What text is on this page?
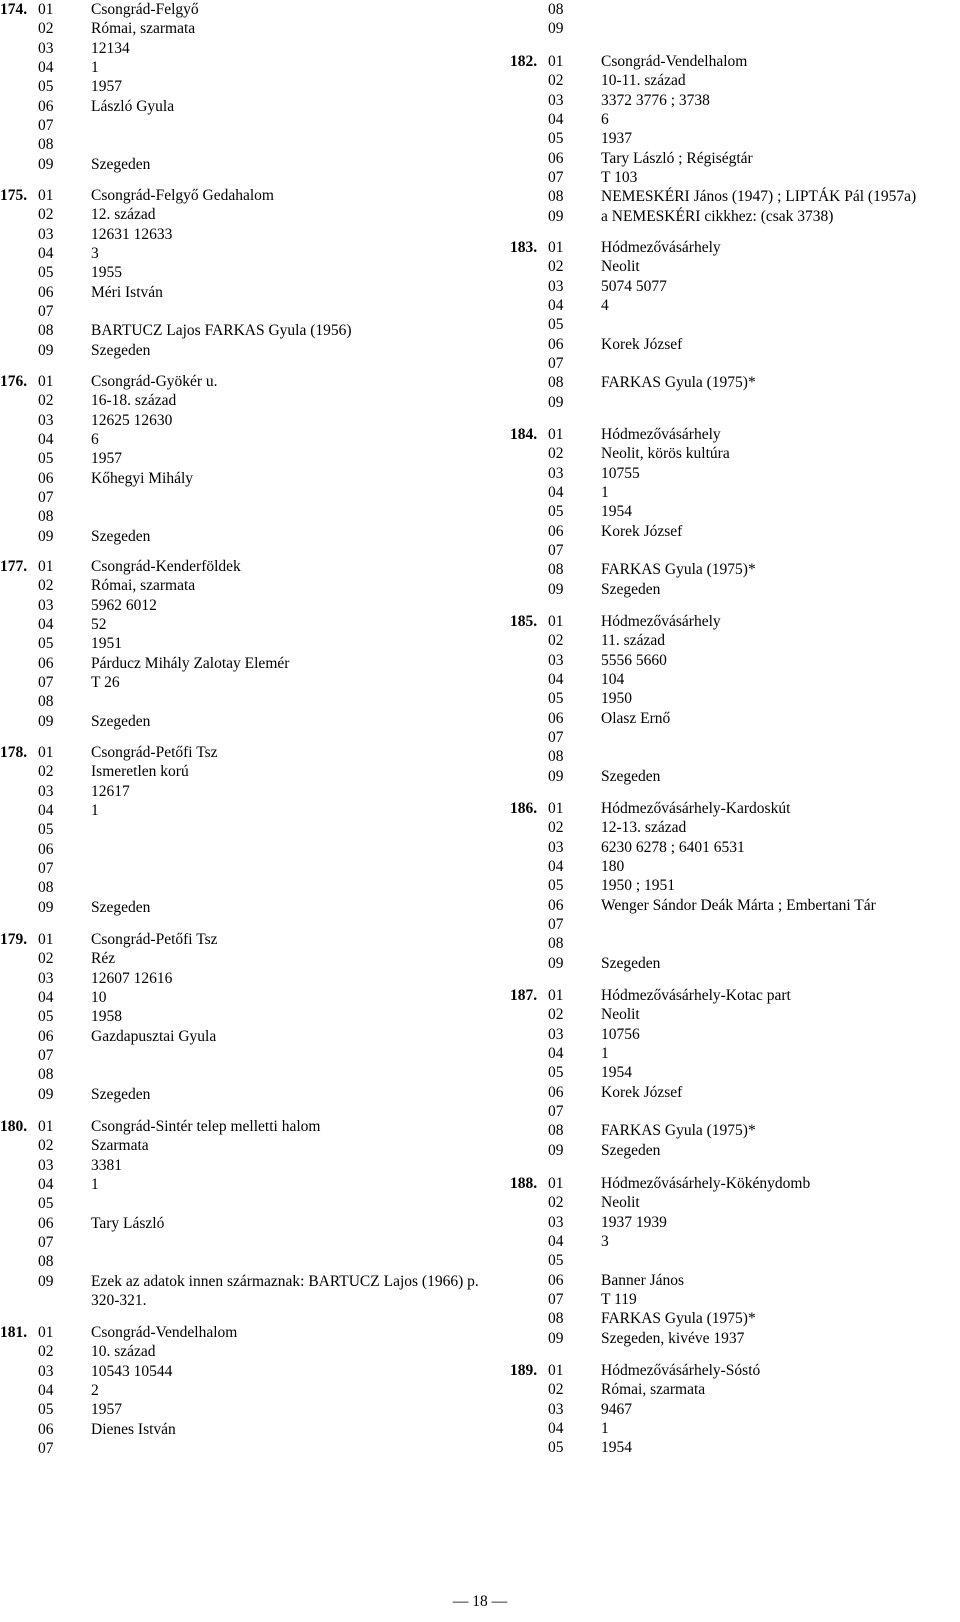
174. 01	Csongrád-Felgyő
02	Római, szarmata
03	12134
04	1
05	1957
06	László Gyula
07
08
09	Szegeden
175. 01	Csongrád-Felgyő Gedahalom
02	12. század
03	12631 12633
04	3
05	1955
06	Méri István
07
08	BARTUCZ Lajos FARKAS Gyula (1956)
09	Szegeden
176. 01	Csongrád-Gyökér u.
02	16-18. század
03	12625 12630
04	6
05	1957
06	Kőhegyi Mihály
07
08
09	Szegeden
177. 01	Csongrád-Kenderföldek
02	Római, szarmata
03	5962 6012
04	52
05	1951
06	Párducz Mihály Zalotay Elemér
07	T 26
08
09	Szegeden
178. 01	Csongrád-Petőfi Tsz
02	Ismeretlen korú
03	12617
04	1
05
06
07
08
09	Szegeden
179. 01	Csongrád-Petőfi Tsz
02	Réz
03	12607 12616
04	10
05	1958
06	Gazdapusztai Gyula
07
08
09	Szegeden
180. 01	Csongrád-Sintér telep melletti halom
02	Szarmata
03	3381
04	1
05
06	Tary László
07
08
09	Ezek az adatok innen származnak: BARTUCZ Lajos (1966) p. 320-321.
181. 01	Csongrád-Vendelhalom
02	10. század
03	10543 10544
04	2
05	1957
06	Dienes István
07
08
09
182. 01	Csongrád-Vendelhalom
02	10-11. század
03	3372 3776 ; 3738
04	6
05	1937
06	Tary László ; Régiségtár
07	T 103
08	NEMESKÉRI János (1947) ; LIPTÁK Pál (1957a)
09	a NEMESKÉRI cikkhez: (csak 3738)
183. 01	Hódmezővásárhely
02	Neolit
03	5074 5077
04	4
05
06	Korek József
07
08	FARKAS Gyula (1975)*
09
184. 01	Hódmezővásárhely
02	Neolit, körös kultúra
03	10755
04	1
05	1954
06	Korek József
07
08	FARKAS Gyula (1975)*
09	Szegeden
185. 01	Hódmezővásárhely
02	11. század
03	5556 5660
04	104
05	1950
06	Olasz Ernő
07
08
09	Szegeden
186. 01	Hódmezővásárhely-Kardoskút
02	12-13. század
03	6230 6278 ; 6401 6531
04	180
05	1950 ; 1951
06	Wenger Sándor Deák Márta ; Embertani Tár
07
08
09	Szegeden
187. 01	Hódmezővásárhely-Kotac part
02	Neolit
03	10756
04	1
05	1954
06	Korek József
07
08	FARKAS Gyula (1975)*
09	Szegeden
188. 01	Hódmezővásárhely-Kökénydomb
02	Neolit
03	1937 1939
04	3
05
06	Banner János
07	T 119
08	FARKAS Gyula (1975)*
09	Szegeden, kivéve 1937
189. 01	Hódmezővásárhely-Sóstó
02	Római, szarmata
03	9467
04	1
05	1954
— 18 —
